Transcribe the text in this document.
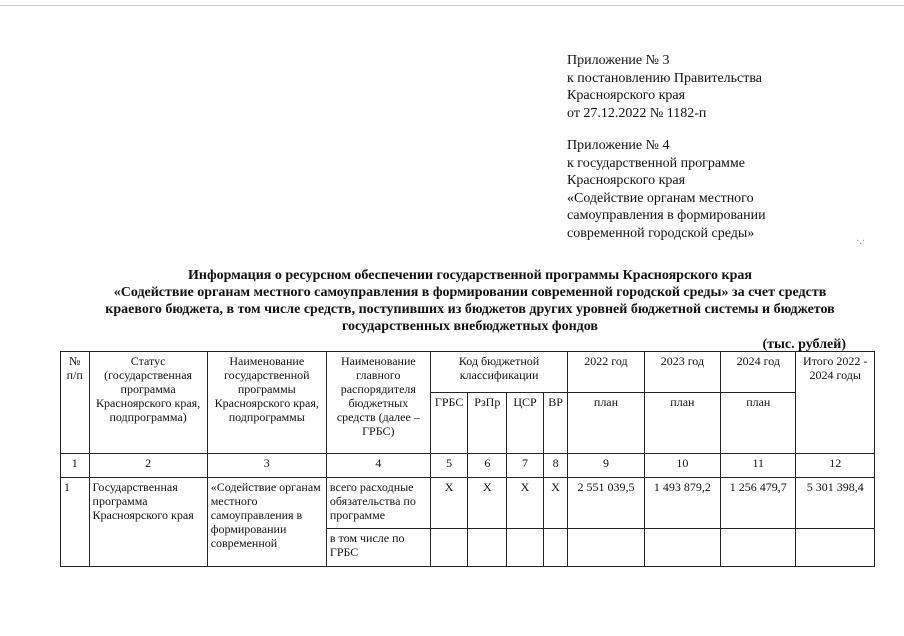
Приложение № 3
к постановлению Правительства
Красноярского края
от 27.12.2022 № 1182-п
Приложение № 4
к государственной программе
Красноярского края
«Содействие органам местного
самоуправления в формировании
современной городской среды»
·.·
Информация о ресурсном обеспечении государственной программы Красноярского края
«Содействие органам местного самоуправления в формировании современной городской среды» за счет средств
краевого бюджета, в том числе средств, поступивших из бюджетов других уровней бюджетной системы и бюджетов
государственных внебюджетных фондов
(тыс. рублей)
№ п/п	Статус (государственная программа Красноярского края, подпрограмма)	Наименование государственной программы Красноярского края, подпрограммы	Наименование главного распорядителя бюджетных средств (далее – ГРБС)	Код бюджетной классификации				2022 год	2023 год	2024 год	Итого 2022 - 2024 годы
				ГРБС	РзПр	ЦСР	ВР	план	план	план	
1	2	3	4	5	6	7	8	9	10	11	12
1	Государственная программа Красноярского края	«Содействие органам местного самоуправления в формировании современной	всего расходные обязательства по программе	Х	Х	Х	Х	2 551 039,5	1 493 879,2	1 256 479,7	5 301 398,4
			в том числе по ГРБС								
